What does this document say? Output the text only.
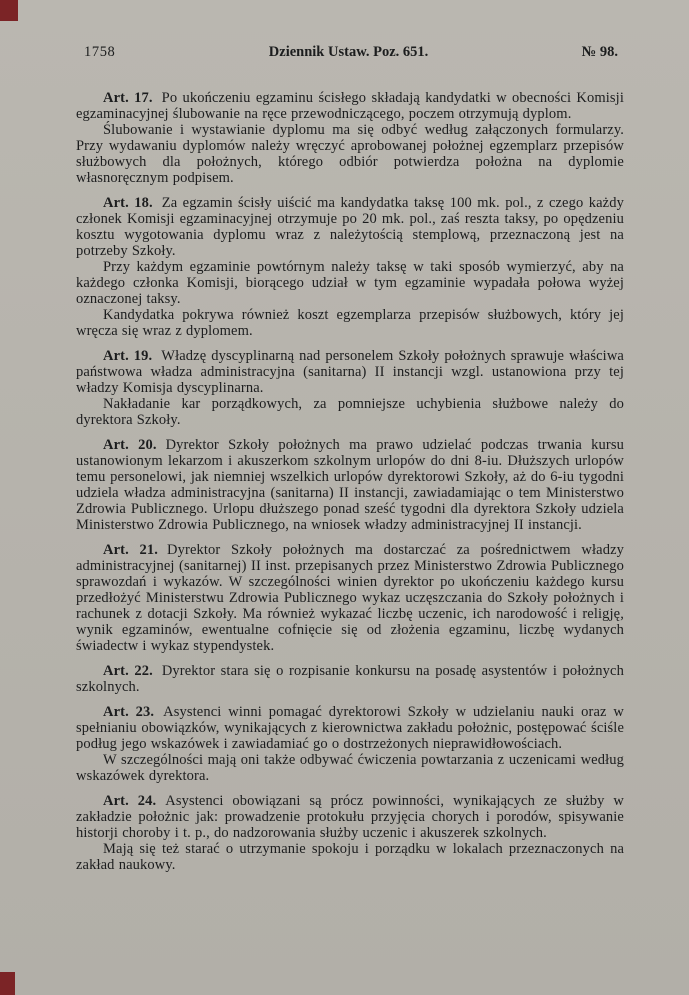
1758	Dziennik Ustaw. Poz. 651.	№ 98.

Art. 17. Po ukończeniu egzaminu ścisłego składają kandydatki w obecności Komisji egzaminacyjnej ślubowanie na ręce przewodniczącego, poczem otrzymują dyplom.

Ślubowanie i wystawianie dyplomu ma się odbyć według załączonych formularzy. Przy wydawaniu dyplomów należy wręczyć aprobowanej położnej egzemplarz przepisów służbowych dla położnych, którego odbiór potwierdza położna na dyplomie własnoręcznym podpisem.

Art. 18. Za egzamin ścisły uiścić ma kandydatka taksę 100 mk. pol., z czego każdy członek Komisji egzaminacyjnej otrzymuje po 20 mk. pol., zaś reszta taksy, po opędzeniu kosztu wygotowania dyplomu wraz z należytością stemplową, przeznaczoną jest na potrzeby Szkoły.

Przy każdym egzaminie powtórnym należy taksę w taki sposób wymierzyć, aby na każdego członka Komisji, biorącego udział w tym egzaminie wypadała połowa wyżej oznaczonej taksy.

Kandydatka pokrywa również koszt egzemplarza przepisów służbowych, który jej wręcza się wraz z dyplomem.

Art. 19. Władzę dyscyplinarną nad personelem Szkoły położnych sprawuje właściwa państwowa władza administracyjna (sanitarna) II instancji wzgl. ustanowiona przy tej władzy Komisja dyscyplinarna.

Nakładanie kar porządkowych, za pomniejsze uchybienia służbowe należy do dyrektora Szkoły.

Art. 20. Dyrektor Szkoły położnych ma prawo udzielać podczas trwania kursu ustanowionym lekarzom i akuszerkom szkolnym urlopów do dni 8-iu. Dłuższych urlopów temu personelowi, jak niemniej wszelkich urlopów dyrektorowi Szkoły, aż do 6-iu tygodni udziela władza administracyjna (sanitarna) II instancji, zawiadamiając o tem Ministerstwo Zdrowia Publicznego. Urlopu dłuższego ponad sześć tygodni dla dyrektora Szkoły udziela Ministerstwo Zdrowia Publicznego, na wniosek władzy administracyjnej II instancji.

Art. 21. Dyrektor Szkoły położnych ma dostarczać za pośrednictwem władzy administracyjnej (sanitarnej) II inst. przepisanych przez Ministerstwo Zdrowia Publicznego sprawozdań i wykazów. W szczególności winien dyrektor po ukończeniu każdego kursu przedłożyć Ministerstwu Zdrowia Publicznego wykaz uczęszczania do Szkoły położnych i rachunek z dotacji Szkoły. Ma również wykazać liczbę uczenic, ich narodowość i religję, wynik egzaminów, ewentualne cofnięcie się od złożenia egzaminu, liczbę wydanych świadectw i wykaz stypendystek.

Art. 22. Dyrektor stara się o rozpisanie konkursu na posadę asystentów i położnych szkolnych.

Art. 23. Asystenci winni pomagać dyrektorowi Szkoły w udzielaniu nauki oraz w spełnianiu obowiązków, wynikających z kierownictwa zakładu położnic, postępować ściśle podług jego wskazówek i zawiadamiać go o dostrzeżonych nieprawidłowościach.

W szczególności mają oni także odbywać ćwiczenia powtarzania z uczenicami według wskazówek dyrektora.

Art. 24. Asystenci obowiązani są prócz powinności, wynikających ze służby w zakładzie położnic jak: prowadzenie protokułu przyjęcia chorych i porodów, spisywanie historji choroby i t. p., do nadzorowania służby uczenic i akuszerek szkolnych.

Mają się też starać o utrzymanie spokoju i porządku w lokalach przeznaczonych na zakład naukowy.
